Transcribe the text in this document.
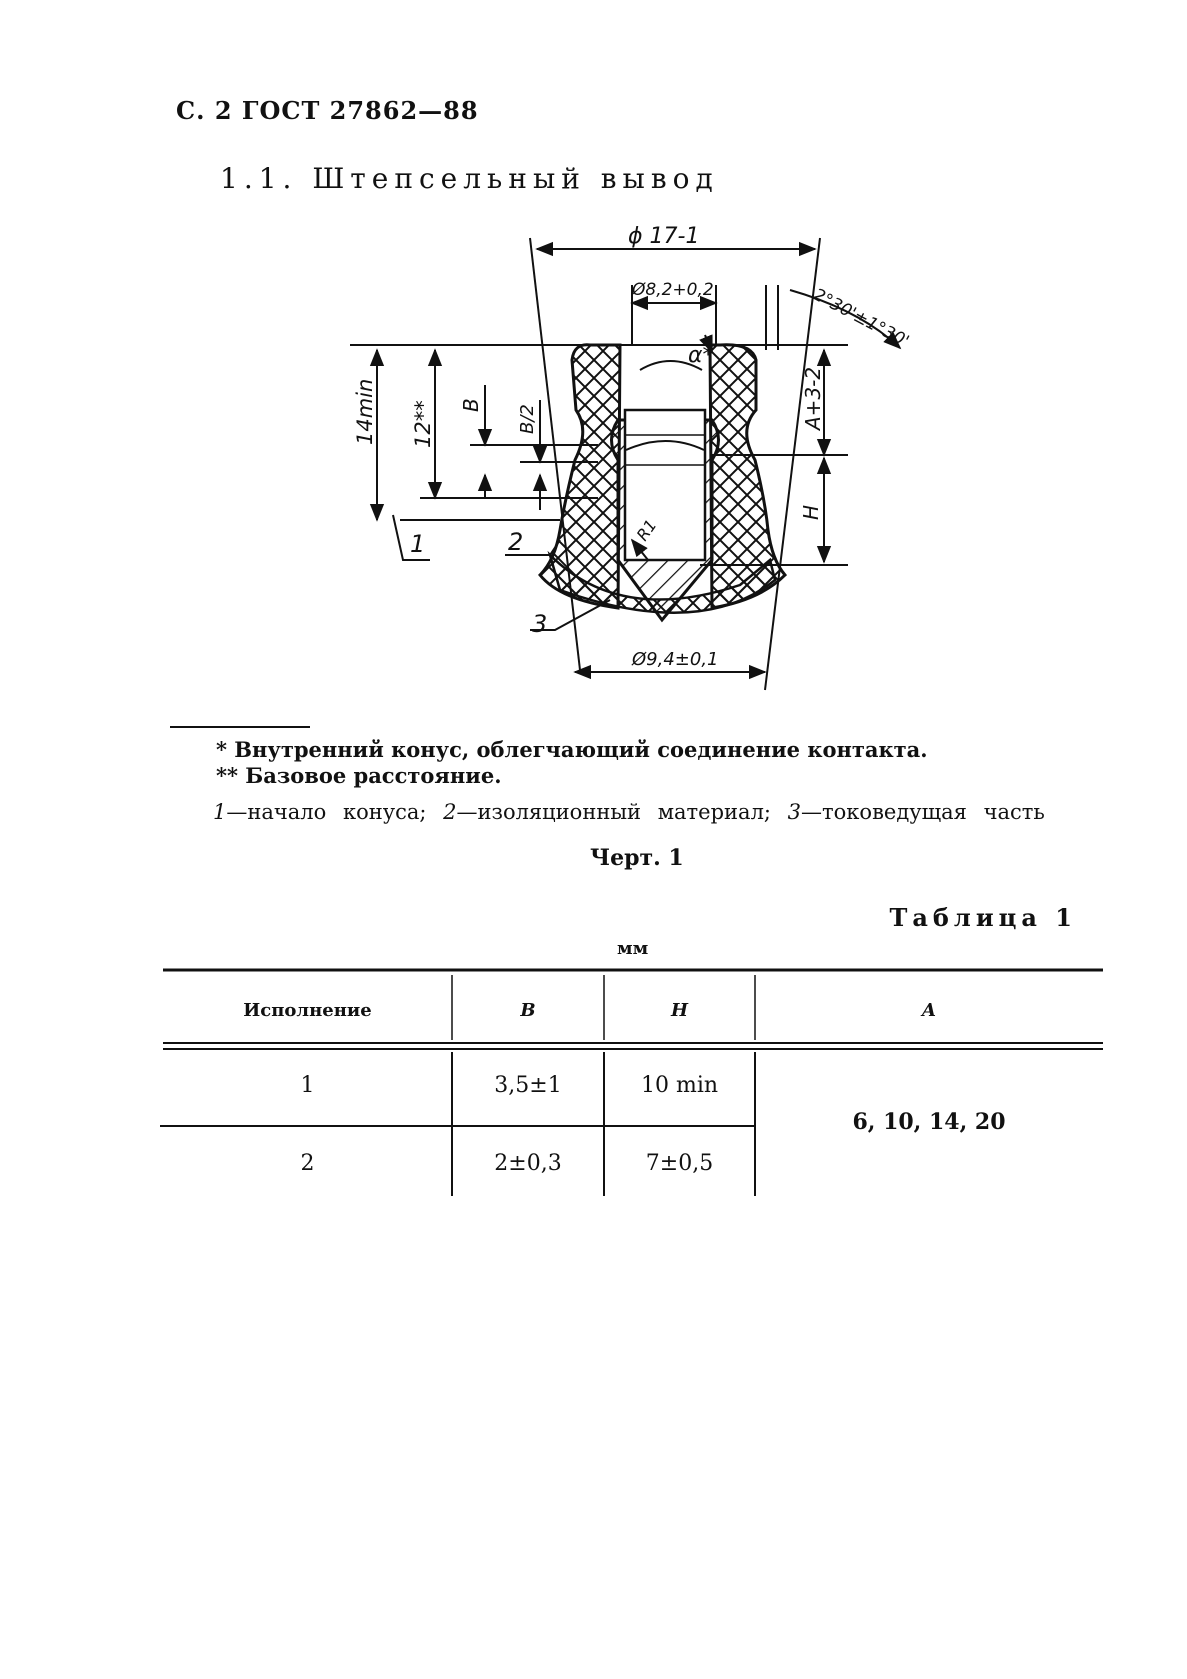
С. 2 ГОСТ 27862—88
1.1. Штепсельный вывод
ϕ 17-1
Ø8,2+0,2	2°30'±1°30'
α*
14min 12** B B/2	A+3-2
H
R1
Ø9,4±0,1
1	2
3
* Внутренний конус, облегчающий соединение контакта.
** Базовое расстояние.
1—начало конуса; 2—изоляционный материал; 3—токоведущая часть
Черт. 1
Таблица 1
мм
Исполнение	B	H	A
1	3,5±1	10 min
2	2±0,3	7±0,5
6, 10, 14, 20
